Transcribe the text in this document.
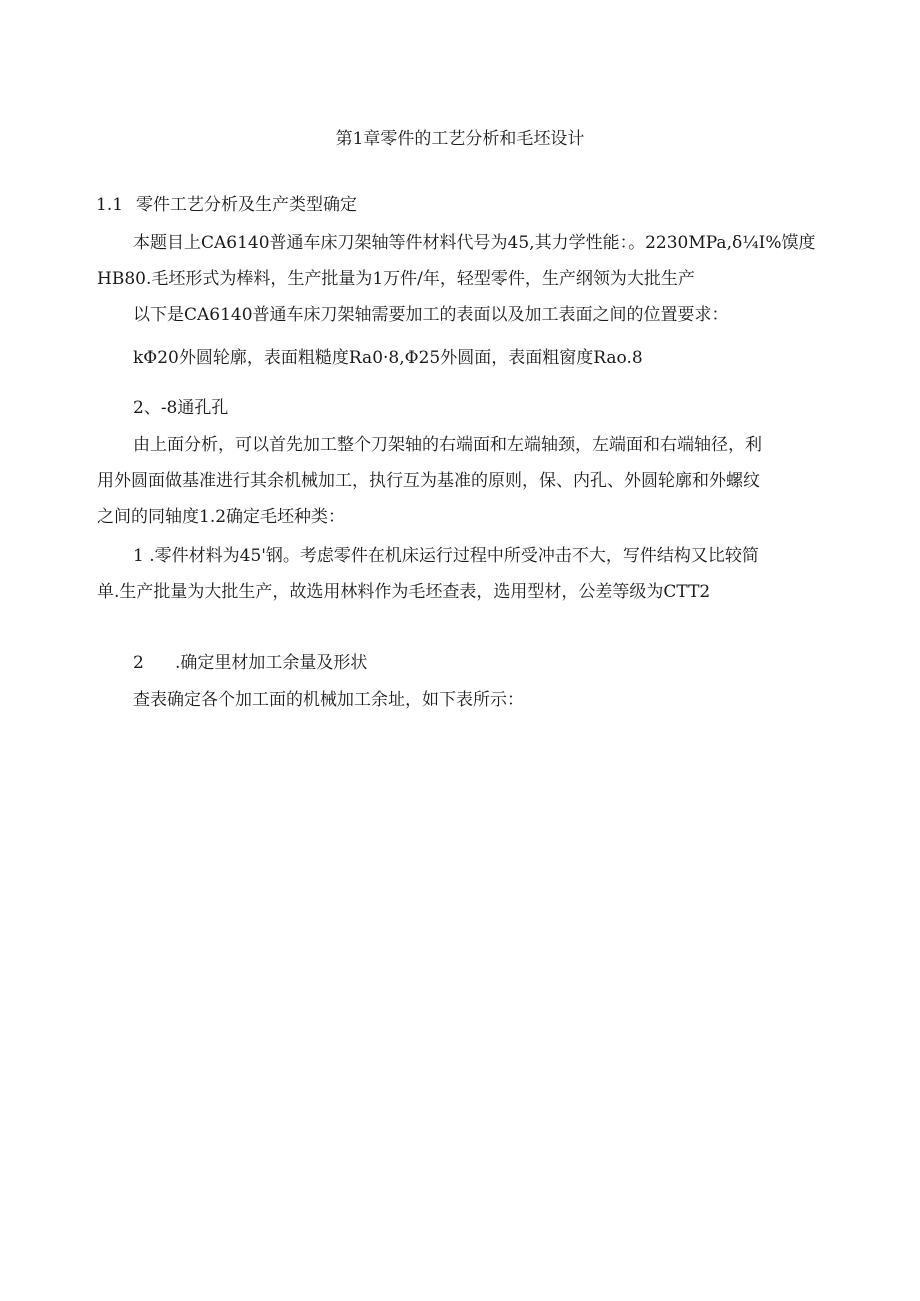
第1章零件的工艺分析和毛坯设计
1.1 零件工艺分析及生产类型确定
本题目上CA6140普通车床刀架轴等件材料代号为45,其力学性能：。2230MPa,δ¼I%馍度
HB80.毛坯形式为棒料，生产批量为1万件/年，轻型零件，生产纲领为大批生产
以下是CA6140普通车床刀架轴需要加工的表面以及加工表面之间的位置要求：
kΦ20外圆轮廓，表面粗糙度Ra0·8,Φ25外圆面，表面粗窗度Rao.8
2、-8通孔孔
由上面分析，可以首先加工整个刀架轴的右端面和左端轴颈，左端面和右端轴径，利
用外圆面做基准进行其余机械加工，执行互为基准的原则，保、内孔、外圆轮廓和外螺纹
之间的同轴度1.2确定毛坯种类：
1 .零件材料为45'钢。考虑零件在机床运行过程中所受冲击不大，写件结构又比较简
单.生产批量为大批生产，故选用林料作为毛坯查表，选用型材，公差等级为CTT2
2 .确定里材加工余量及形状
查表确定各个加工面的机械加工余址，如下表所示：
